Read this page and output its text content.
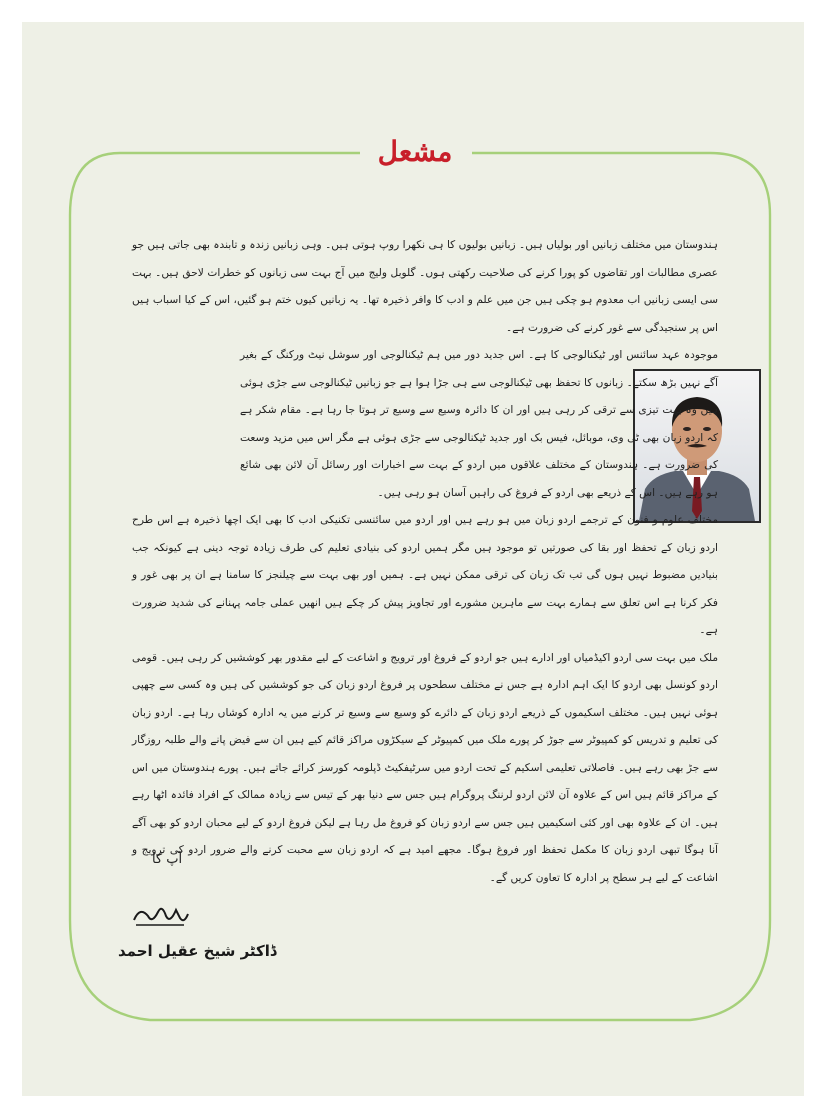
مشعل

ہندوستان میں مختلف زبانیں اور بولیاں ہیں۔ زبانیں بولیوں کا ہی نکھرا روپ ہوتی ہیں۔ وہی زبانیں زندہ و تابندہ بھی جاتی ہیں جو عصری مطالبات اور تقاضوں کو پورا کرنے کی صلاحیت رکھتی ہوں۔ گلوبل ولیج میں آج بہت سی زبانوں کو خطرات لاحق ہیں۔ بہت سی ایسی زبانیں اب معدوم ہو چکی ہیں جن میں علم و ادب کا وافر ذخیرہ تھا۔ یہ زبانیں کیوں ختم ہو گئیں، اس کے کیا اسباب ہیں اس پر سنجیدگی سے غور کرنے کی ضرورت ہے۔

موجودہ عہد سائنس اور ٹیکنالوجی کا ہے۔ اس جدید دور میں ہم ٹیکنالوجی اور سوشل نیٹ ورکنگ کے بغیر آگے نہیں بڑھ سکتے۔ زبانوں کا تحفظ بھی ٹیکنالوجی سے ہی جڑا ہوا ہے جو زبانیں ٹیکنالوجی سے جڑی ہوئی ہیں وہ بہت تیزی سے ترقی کر رہی ہیں اور ان کا دائرہ وسیع سے وسیع تر ہوتا جا رہا ہے۔ مقام شکر ہے کہ اردو زبان بھی ٹی وی، موبائل، فیس بک اور جدید ٹیکنالوجی سے جڑی ہوئی ہے مگر اس میں مزید وسعت کی ضرورت ہے۔ ہندوستان کے مختلف علاقوں میں اردو کے بہت سے اخبارات اور رسائل آن لائن بھی شائع ہو رہے ہیں۔ اس کے ذریعے بھی اردو کے فروغ کی راہیں آسان ہو رہی ہیں۔

مختلف علوم و فنون کے ترجمے اردو زبان میں ہو رہے ہیں اور اردو میں سائنسی تکنیکی ادب کا بھی ایک اچھا ذخیرہ ہے اس طرح اردو زبان کے تحفظ اور بقا کی صورتیں تو موجود ہیں مگر ہمیں اردو کی بنیادی تعلیم کی طرف زیادہ توجہ دینی ہے کیونکہ جب بنیادیں مضبوط نہیں ہوں گی تب تک زبان کی ترقی ممکن نہیں ہے۔ ہمیں اور بھی بہت سے چیلنجز کا سامنا ہے ان پر بھی غور و فکر کرنا ہے اس تعلق سے ہمارے بہت سے ماہرین مشورے اور تجاویز پیش کر چکے ہیں انھیں عملی جامہ پہنانے کی شدید ضرورت ہے۔

ملک میں بہت سی اردو اکیڈمیاں اور ادارے ہیں جو اردو کے فروغ اور ترویج و اشاعت کے لیے مقدور بھر کوششیں کر رہی ہیں۔ قومی اردو کونسل بھی اردو کا ایک اہم ادارہ ہے جس نے مختلف سطحوں پر فروغ اردو زبان کی جو کوششیں کی ہیں وہ کسی سے چھپی ہوئی نہیں ہیں۔ مختلف اسکیموں کے ذریعے اردو زبان کے دائرے کو وسیع سے وسیع تر کرنے میں یہ ادارہ کوشاں رہا ہے۔ اردو زبان کی تعلیم و تدریس کو کمپیوٹر سے جوڑ کر پورے ملک میں کمپیوٹر کے سیکڑوں مراکز قائم کیے ہیں ان سے فیض پانے والے طلبہ روزگار سے جڑ بھی رہے ہیں۔ فاصلاتی تعلیمی اسکیم کے تحت اردو میں سرٹیفکیٹ ڈپلومہ کورسز کرائے جاتے ہیں۔ پورے ہندوستان میں اس کے مراکز قائم ہیں اس کے علاوہ آن لائن اردو لرننگ پروگرام ہیں جس سے دنیا بھر کے تیس سے زیادہ ممالک کے افراد فائدہ اٹھا رہے ہیں۔ ان کے علاوہ بھی اور کئی اسکیمیں ہیں جس سے اردو زبان کو فروغ مل رہا ہے لیکن فروغ اردو کے لیے محبان اردو کو بھی آگے آنا ہوگا تبھی اردو زبان کا مکمل تحفظ اور فروغ ہوگا۔ مجھے امید ہے کہ اردو زبان سے محبت کرنے والے ضرور اردو کی ترویج و اشاعت کے لیے ہر سطح پر ادارہ کا تعاون کریں گے۔

آپ کا
ڈاکٹر شیخ عقیل احمد
